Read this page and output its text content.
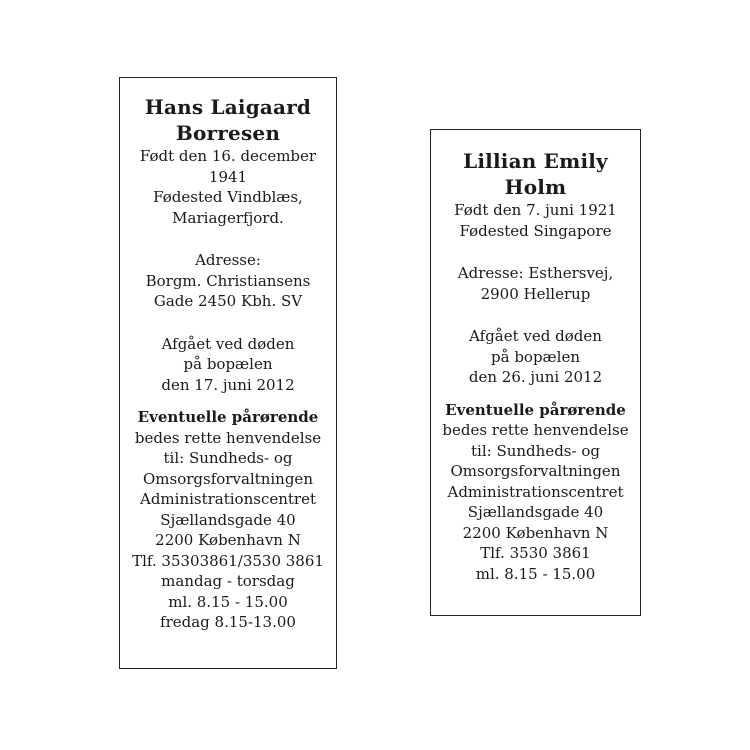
Hans Laigaard
Borresen
Født den 16. december
1941
Fødested Vindblæs,
Mariagerfjord.
Adresse:
Borgm. Christiansens
Gade 2450 Kbh. SV
Afgået ved døden
på bopælen
den 17. juni 2012
Eventuelle pårørende
bedes rette henvendelse
til: Sundheds- og
Omsorgsforvaltningen
Administrationscentret
Sjællandsgade 40
2200 København N
Tlf. 35303861/3530 3861
mandag - torsdag
ml. 8.15 - 15.00
fredag 8.15-13.00
Lillian Emily
Holm
Født den 7. juni 1921
Fødested Singapore
Adresse: Esthersvej,
2900 Hellerup
Afgået ved døden
på bopælen
den 26. juni 2012
Eventuelle pårørende
bedes rette henvendelse
til: Sundheds- og
Omsorgsforvaltningen
Administrationscentret
Sjællandsgade 40
2200 København N
Tlf. 3530 3861
ml. 8.15 - 15.00
